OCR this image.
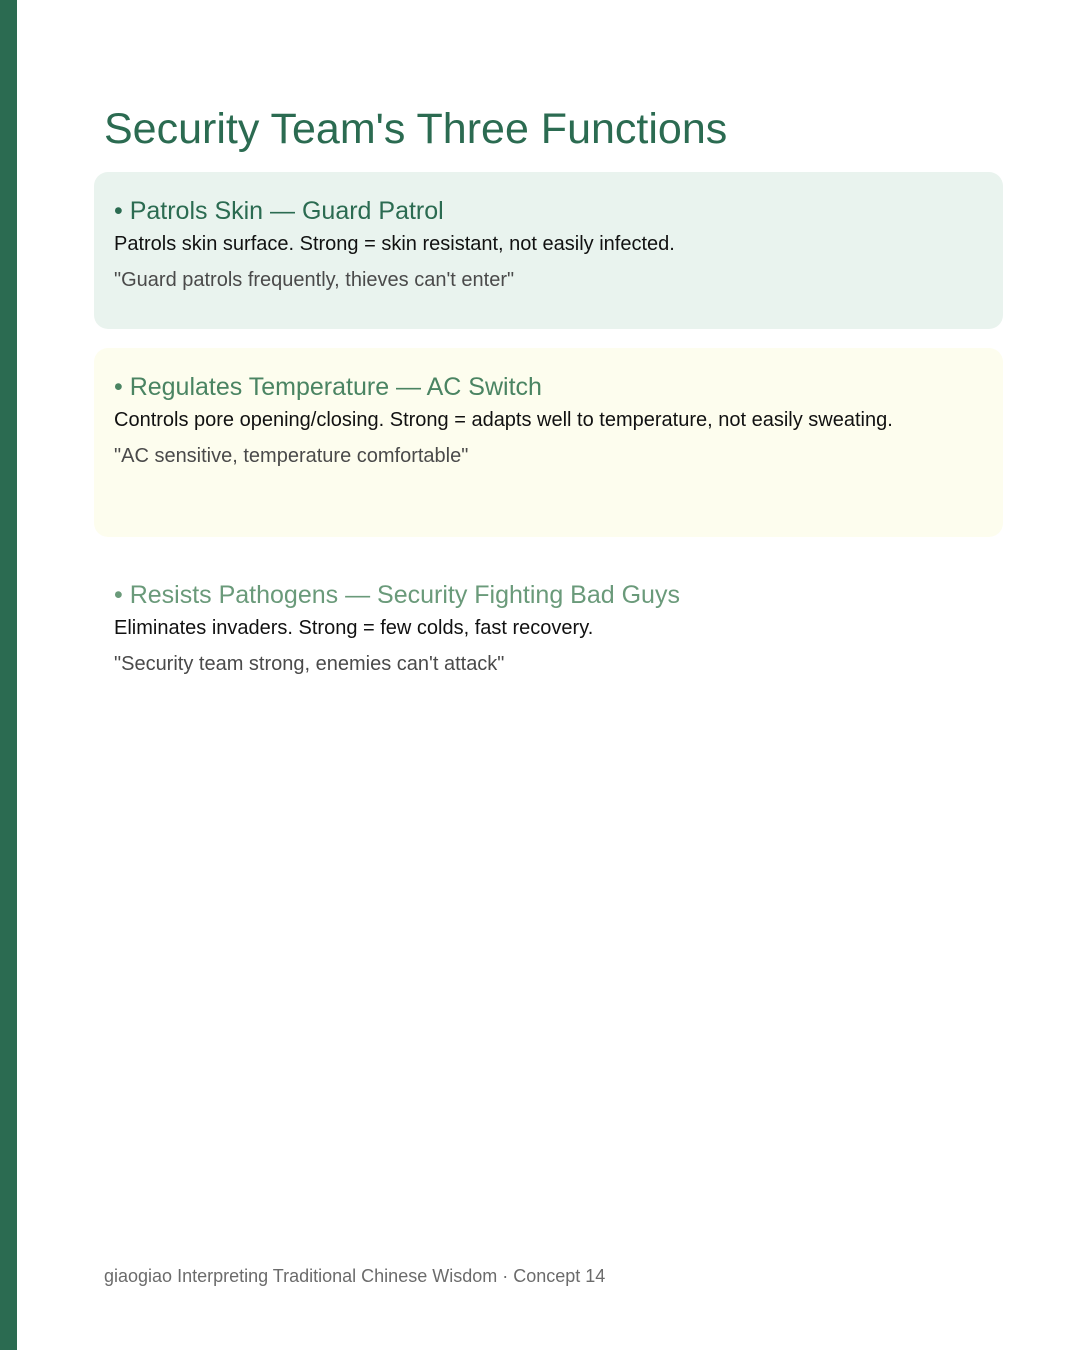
Security Team's Three Functions
• Patrols Skin — Guard Patrol
Patrols skin surface. Strong = skin resistant, not easily infected.
"Guard patrols frequently, thieves can't enter"
• Regulates Temperature — AC Switch
Controls pore opening/closing. Strong = adapts well to temperature, not easily sweating.
"AC sensitive, temperature comfortable"
• Resists Pathogens — Security Fighting Bad Guys
Eliminates invaders. Strong = few colds, fast recovery.
"Security team strong, enemies can't attack"
giaogiao Interpreting Traditional Chinese Wisdom · Concept 14
